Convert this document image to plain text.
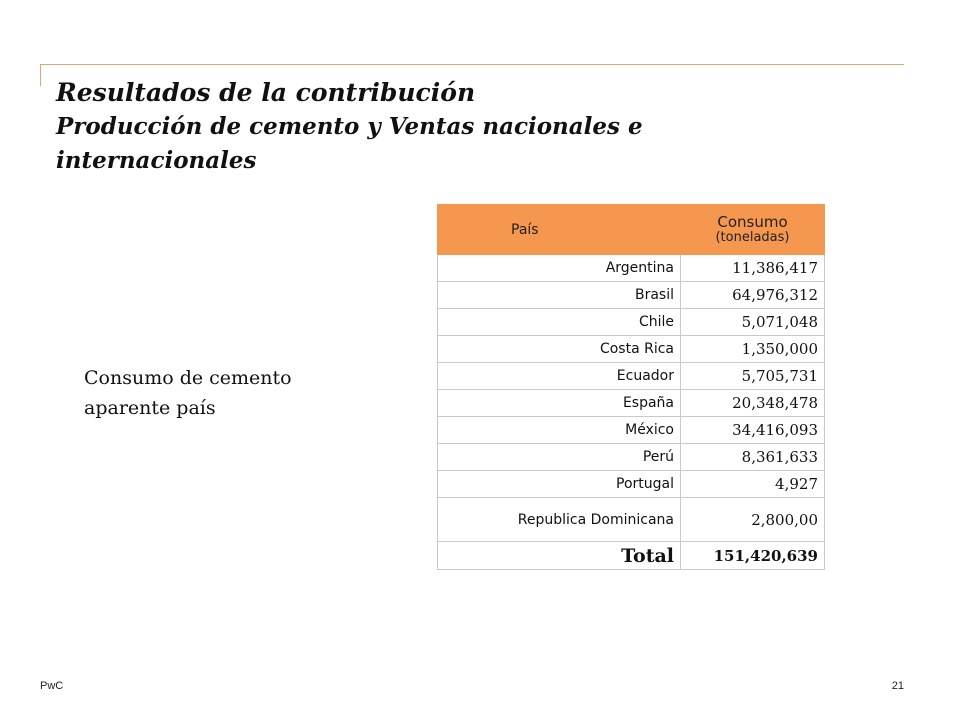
Resultados de la contribución
Producción de cemento y Ventas nacionales e internacionales
Consumo de cemento aparente país
País	Consumo
(toneladas)

Argentina	11,386,417
Brasil	64,976,312
Chile	5,071,048
Costa Rica	1,350,000
Ecuador	5,705,731
España	20,348,478
México	34,416,093
Perú	8,361,633
Portugal	4,927
Republica Dominicana	2,800,00
Total	151,420,639
PwC	21
